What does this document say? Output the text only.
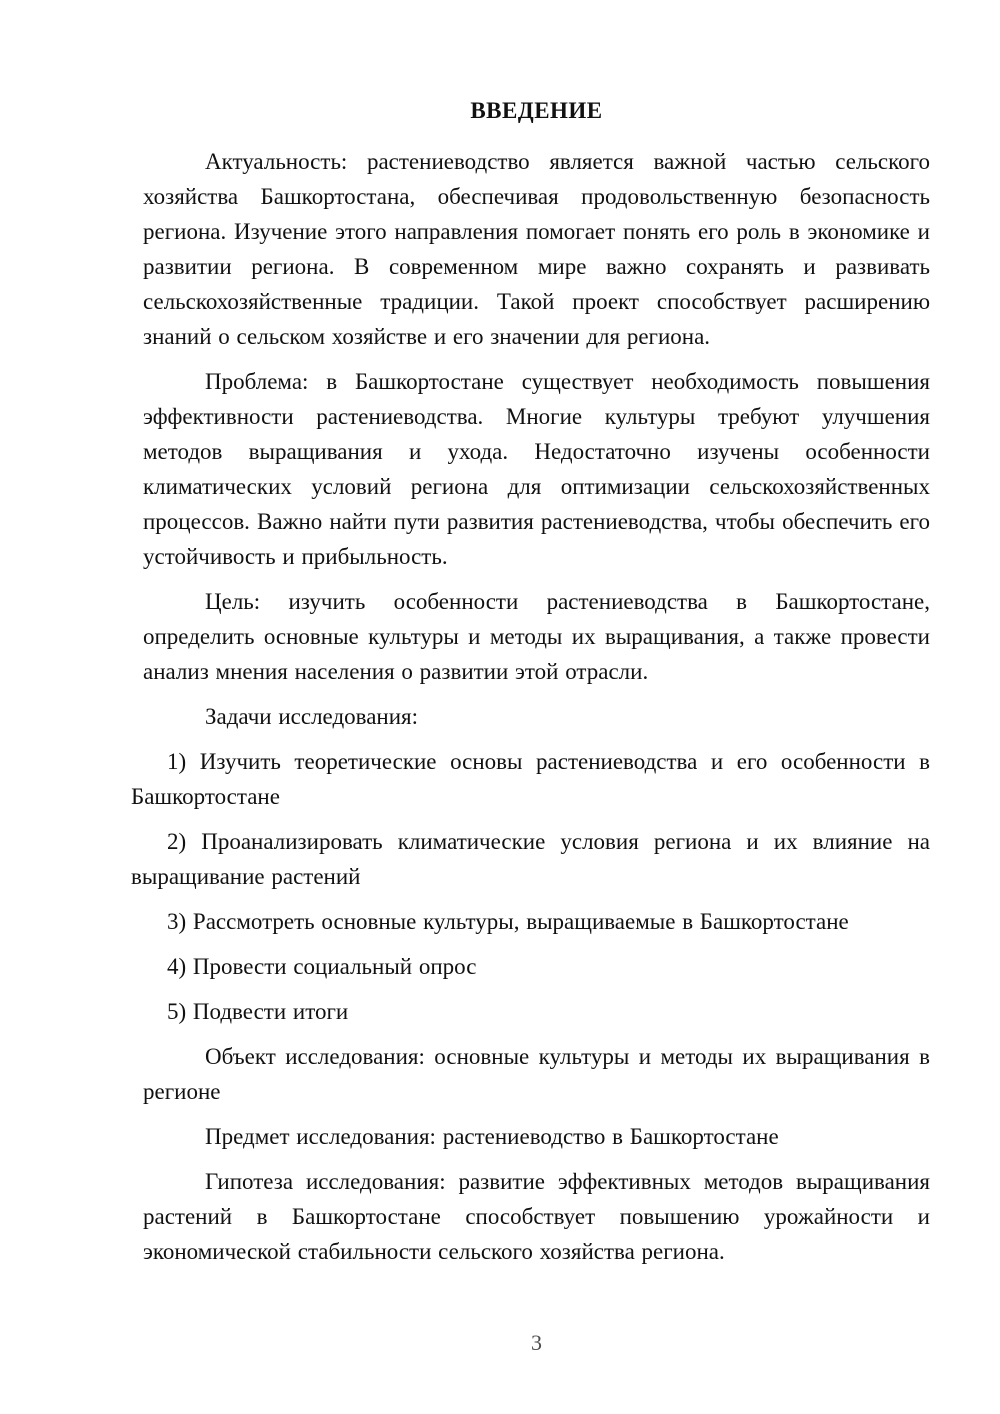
ВВЕДЕНИЕ

Актуальность: растениеводство является важной частью сельского хозяйства Башкортостана, обеспечивая продовольственную безопасность региона. Изучение этого направления помогает понять его роль в экономике и развитии региона. В современном мире важно сохранять и развивать сельскохозяйственные традиции. Такой проект способствует расширению знаний о сельском хозяйстве и его значении для региона.

Проблема: в Башкортостане существует необходимость повышения эффективности растениеводства. Многие культуры требуют улучшения методов выращивания и ухода. Недостаточно изучены особенности климатических условий региона для оптимизации сельскохозяйственных процессов. Важно найти пути развития растениеводства, чтобы обеспечить его устойчивость и прибыльность.

Цель: изучить особенности растениеводства в Башкортостане, определить основные культуры и методы их выращивания, а также провести анализ мнения населения о развитии этой отрасли.

Задачи исследования:

1) Изучить теоретические основы растениеводства и его особенности в Башкортостане

2) Проанализировать климатические условия региона и их влияние на выращивание растений

3) Рассмотреть основные культуры, выращиваемые в Башкортостане

4) Провести социальный опрос

5) Подвести итоги

Объект исследования: основные культуры и методы их выращивания в регионе

Предмет исследования: растениеводство в Башкортостане

Гипотеза исследования: развитие эффективных методов выращивания растений в Башкортостане способствует повышению урожайности и экономической стабильности сельского хозяйства региона.

3
